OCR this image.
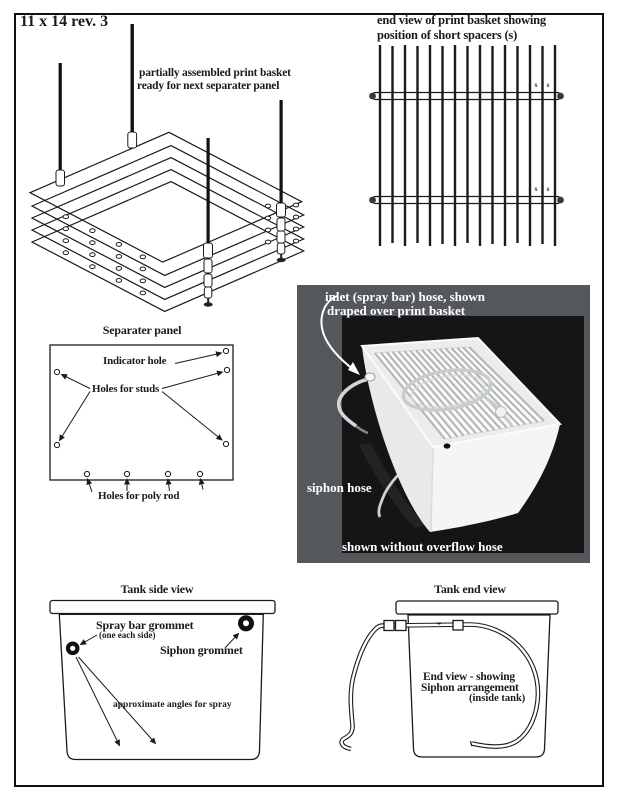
11 x 14 rev. 3
partially assembled print basket
ready for next separater panel
end view of print basket showing
position of short spacers (s)
s s
s s
Separater panel
Indicator hole
Holes for studs
Holes for poly rod
inlet (spray bar) hose, shown
draped over print basket
siphon hose
shown without overflow hose
Tank side view
Spray bar grommet
(one each side)
Siphon grommet
approximate angles for spray
Tank end view
End view - showing
Siphon arrangement
(inside tank)
